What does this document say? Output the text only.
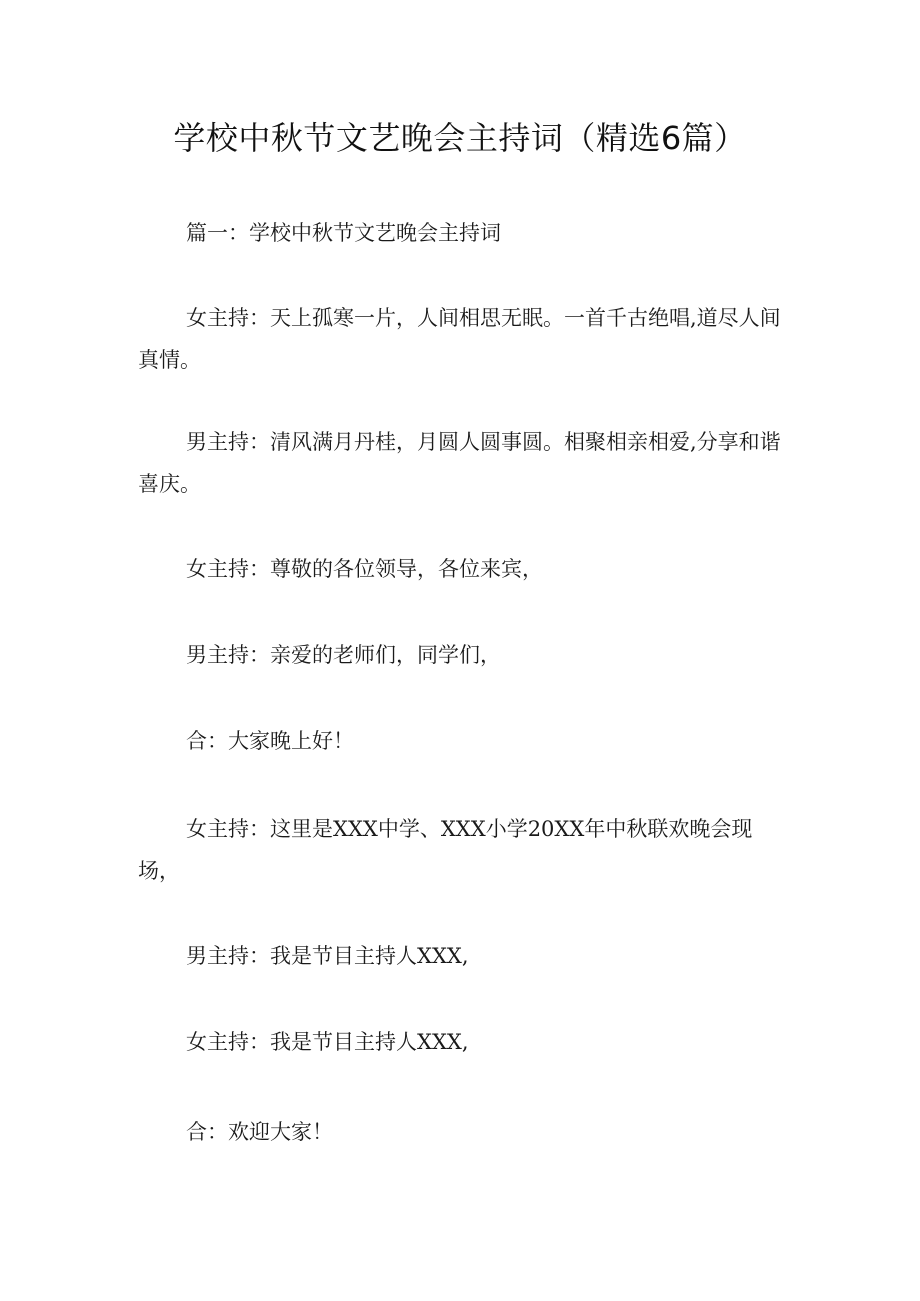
学校中秋节文艺晚会主持词（精选6篇）

篇一：学校中秋节文艺晚会主持词

女主持：天上孤寒一片，人间相思无眠。一首千古绝唱,道尽人间真情。

男主持：清风满月丹桂，月圆人圆事圆。相聚相亲相爱,分享和谐喜庆。

女主持：尊敬的各位领导，各位来宾，

男主持：亲爱的老师们，同学们，

合：大家晚上好！

女主持：这里是XXX中学、XXX小学20XX年中秋联欢晚会现场，

男主持：我是节目主持人XXX,

女主持：我是节目主持人XXX,

合：欢迎大家！
